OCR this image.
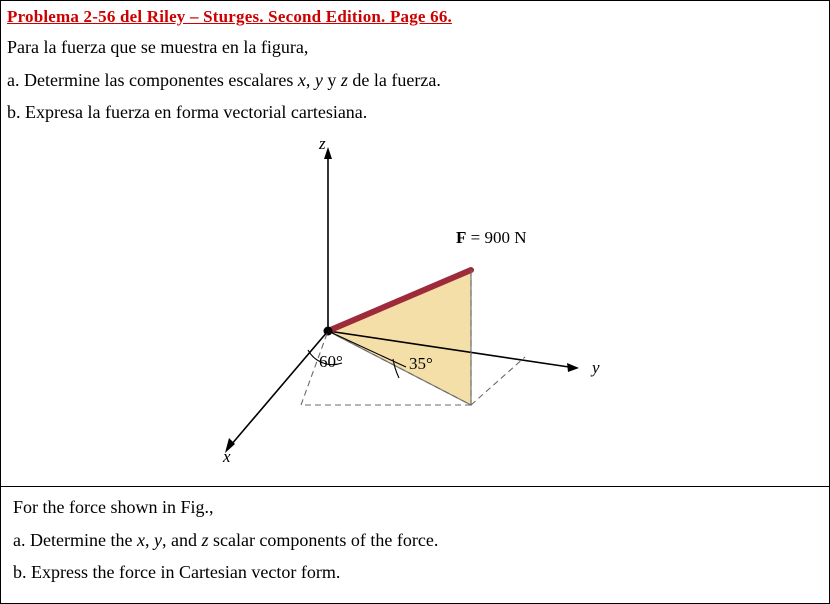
Problema 2-56 del Riley – Sturges. Second Edition. Page 66.
Para la fuerza que se muestra en la figura,
a. Determine las componentes escalares x, y y z de la fuerza.
b. Expresa la fuerza en forma vectorial cartesiana.
z
y
x
60°	35°
F = 900 N
For the force shown in Fig.,
a. Determine the x, y, and z scalar components of the force.
b. Express the force in Cartesian vector form.
